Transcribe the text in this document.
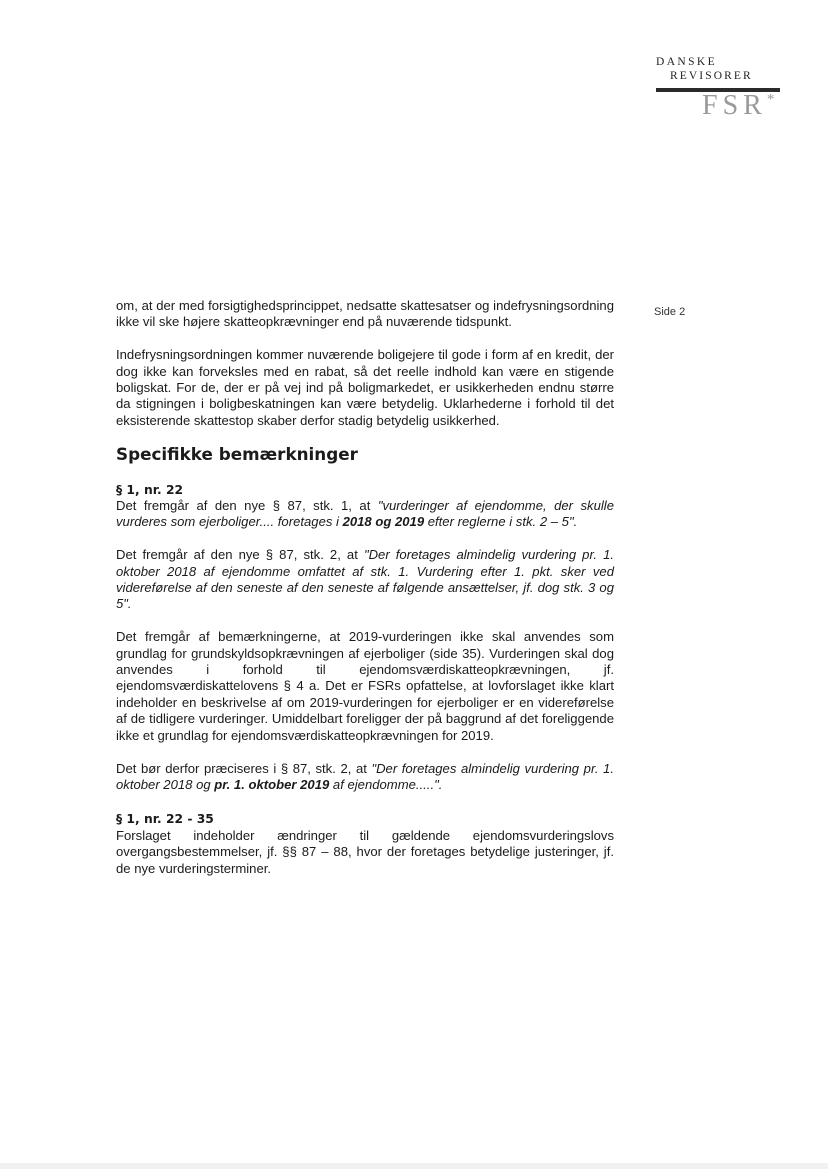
DANSKE
REVISORER
FSR*
Side 2

om, at der med forsigtighedsprincippet, nedsatte skattesatser og indefrysningsordning ikke vil ske højere skatteopkrævninger end på nuværende tidspunkt.

Indefrysningsordningen kommer nuværende boligejere til gode i form af en kredit, der dog ikke kan forveksles med en rabat, så det reelle indhold kan være en stigende boligskat. For de, der er på vej ind på boligmarkedet, er usikkerheden endnu større da stigningen i boligbeskatningen kan være betydelig. Uklarhederne i forhold til det eksisterende skattestop skaber derfor stadig betydelig usikkerhed.

Specifikke bemærkninger

§ 1, nr. 22

Det fremgår af den nye § 87, stk. 1, at "vurderinger af ejendomme, der skulle vurderes som ejerboliger.... foretages i 2018 og 2019 efter reglerne i stk. 2 – 5".

Det fremgår af den nye § 87, stk. 2, at "Der foretages almindelig vurdering pr. 1. oktober 2018 af ejendomme omfattet af stk. 1. Vurdering efter 1. pkt. sker ved videreførelse af den seneste af den seneste af følgende ansættelser, jf. dog stk. 3 og 5".

Det fremgår af bemærkningerne, at 2019-vurderingen ikke skal anvendes som grundlag for grundskyldsopkrævningen af ejerboliger (side 35). Vurderingen skal dog anvendes i forhold til ejendomsværdiskatteopkrævningen, jf. ejendomsværdiskattelovens § 4 a. Det er FSRs opfattelse, at lovforslaget ikke klart indeholder en beskrivelse af om 2019-vurderingen for ejerboliger er en videreførelse af de tidligere vurderinger. Umiddelbart foreligger der på baggrund af det foreliggende ikke et grundlag for ejendomsværdiskatteopkrævningen for 2019.

Det bør derfor præciseres i § 87, stk. 2, at "Der foretages almindelig vurdering pr. 1. oktober 2018 og pr. 1. oktober 2019 af ejendomme.....".

§ 1, nr. 22 - 35

Forslaget indeholder ændringer til gældende ejendomsvurderingslovs overgangsbestemmelser, jf. §§ 87 – 88, hvor der foretages betydelige justeringer, jf. de nye vurderingsterminer.
